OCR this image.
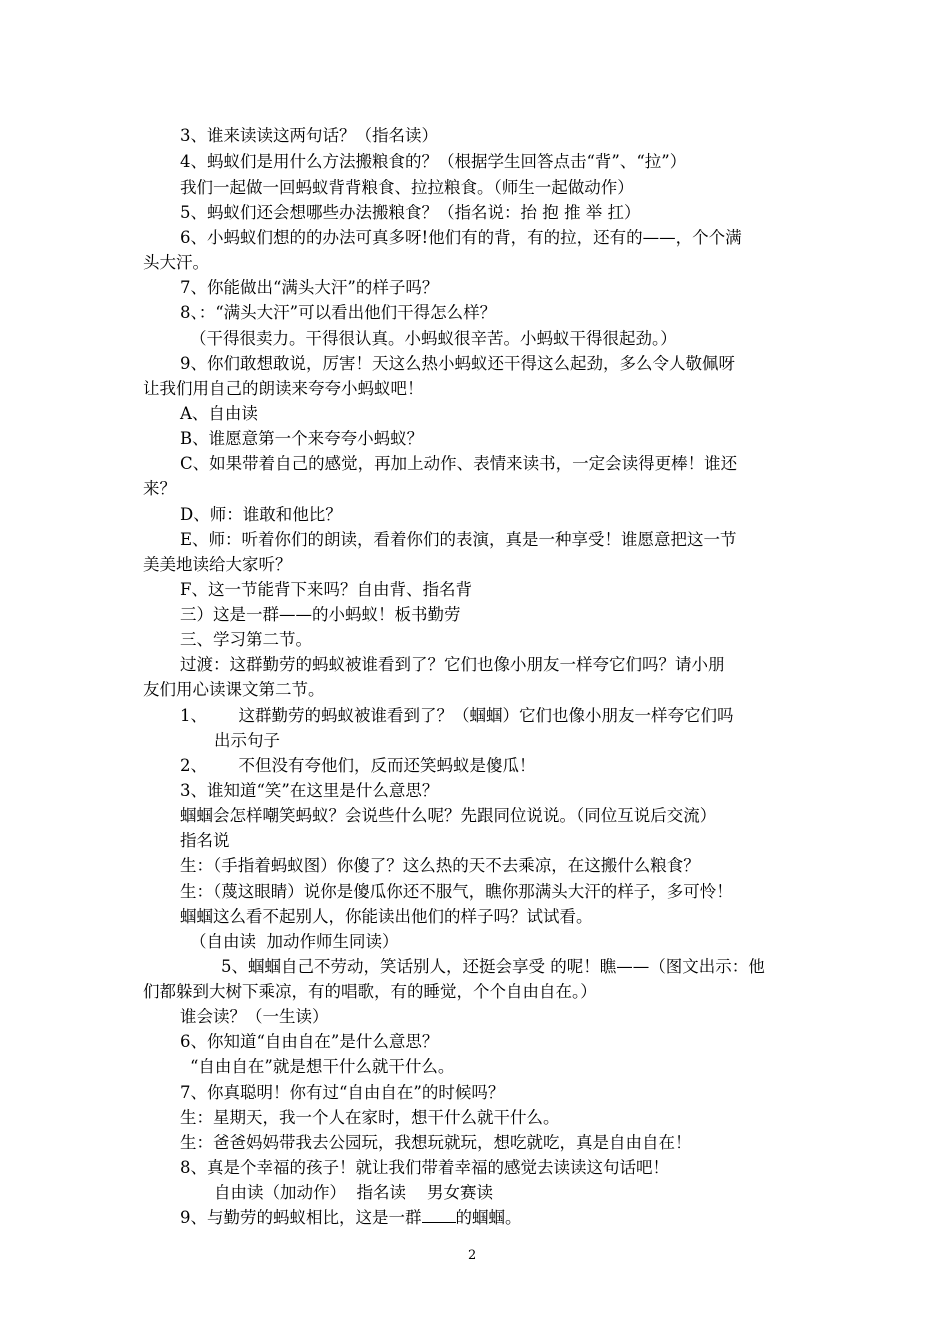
3、谁来读读这两句话？（指名读）
4、蚂蚁们是用什么方法搬粮食的？（根据学生回答点击“背”、“拉”）
我们一起做一回蚂蚁背背粮食、拉拉粮食。（师生一起做动作）
5、蚂蚁们还会想哪些办法搬粮食？（指名说：抬 抱 推 举 扛）
6、小蚂蚁们想的的办法可真多呀!他们有的背，有的拉，还有的——，个个满
头大汗。
7、你能做出“满头大汗”的样子吗？
8、：“满头大汗”可以看出他们干得怎么样？
（干得很卖力。干得很认真。小蚂蚁很辛苦。小蚂蚁干得很起劲。）
9、你们敢想敢说，厉害！天这么热小蚂蚁还干得这么起劲，多么令人敬佩呀
让我们用自己的朗读来夸夸小蚂蚁吧！
A、自由读
B、谁愿意第一个来夸夸小蚂蚁？
C、如果带着自己的感觉，再加上动作、表情来读书，一定会读得更棒！谁还
来？
D、师：谁敢和他比？
E、师：听着你们的朗读，看着你们的表演，真是一种享受！谁愿意把这一节
美美地读给大家听？
F、这一节能背下来吗？自由背、指名背
三）这是一群——的小蚂蚁！板书勤劳
三、学习第二节。
过渡：这群勤劳的蚂蚁被谁看到了？它们也像小朋友一样夸它们吗？请小朋
友们用心读课文第二节。
1、      这群勤劳的蚂蚁被谁看到了？（蝈蝈）它们也像小朋友一样夸它们吗
出示句子
2、      不但没有夸他们，反而还笑蚂蚁是傻瓜！
3、谁知道“笑”在这里是什么意思？
蝈蝈会怎样嘲笑蚂蚁？会说些什么呢？先跟同位说说。（同位互说后交流）
指名说
生：（手指着蚂蚁图）你傻了？这么热的天不去乘凉，在这搬什么粮食？
生：（蔑这眼睛）说你是傻瓜你还不服气，瞧你那满头大汗的样子，多可怜！
蝈蝈这么看不起别人，你能读出他们的样子吗？试试看。
（自由读  加动作师生同读）
5、蝈蝈自己不劳动，笑话别人，还挺会享受 的呢！瞧——（图文出示：他
们都躲到大树下乘凉，有的唱歌，有的睡觉，个个自由自在。）
谁会读？（一生读）
6、你知道“自由自在”是什么意思？
“自由自在”就是想干什么就干什么。
7、你真聪明！你有过“自由自在”的时候吗？
生：星期天，我一个人在家时，想干什么就干什么。
生：爸爸妈妈带我去公园玩，我想玩就玩，想吃就吃，真是自由自在！
8、真是个幸福的孩子！就让我们带着幸福的感觉去读读这句话吧！
自由读（加动作）  指名读    男女赛读
9、与勤劳的蚂蚁相比，这是一群 的蝈蝈。
2
